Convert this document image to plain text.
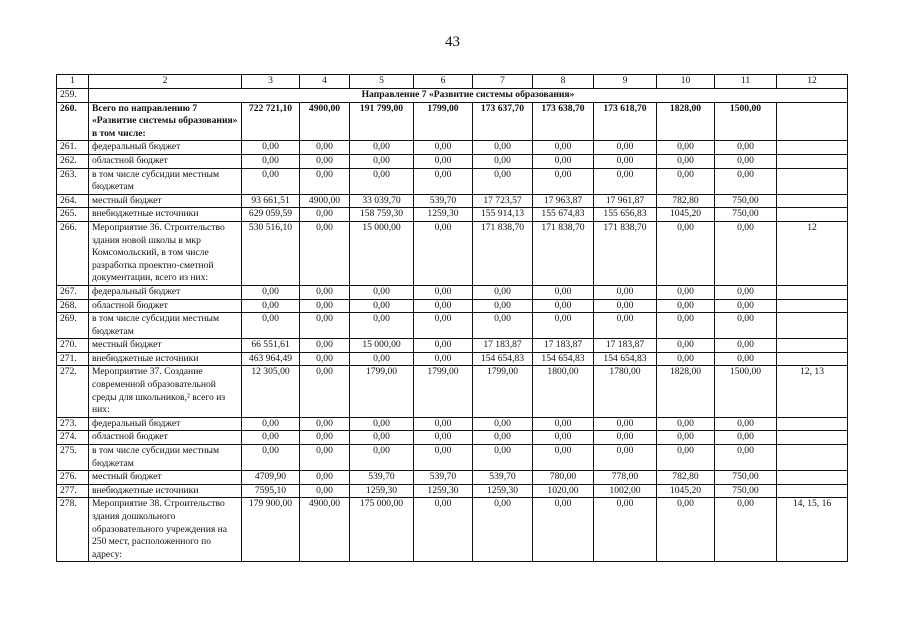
43
1	2	3	4	5	6	7	8	9	10	11	12
259.	Направление 7 «Развитие системы образования»										
260.	Всего по направлению 7 «Развитие системы образования» в том числе:	722 721,10	4900,00	191 799,00	1799,00	173 637,70	173 638,70	173 618,70	1828,00	1500,00	
261.	федеральный бюджет	0,00	0,00	0,00	0,00	0,00	0,00	0,00	0,00	0,00	
262.	областной бюджет	0,00	0,00	0,00	0,00	0,00	0,00	0,00	0,00	0,00	
263.	в том числе субсидии местным бюджетам	0,00	0,00	0,00	0,00	0,00	0,00	0,00	0,00	0,00	
264.	местный бюджет	93 661,51	4900,00	33 039,70	539,70	17 723,57	17 963,87	17 961,87	782,80	750,00	
265.	внебюджетные источники	629 059,59	0,00	158 759,30	1259,30	155 914,13	155 674,83	155 656,83	1045,20	750,00	
266.	Мероприятие 36. Строительство здания новой школы в мкр Комсомольский, в том числе разработка проектно-сметной документации, всего из них:	530 516,10	0,00	15 000,00	0,00	171 838,70	171 838,70	171 838,70	0,00	0,00	12
267.	федеральный бюджет	0,00	0,00	0,00	0,00	0,00	0,00	0,00	0,00	0,00	
268.	областной бюджет	0,00	0,00	0,00	0,00	0,00	0,00	0,00	0,00	0,00	
269.	в том числе субсидии местным бюджетам	0,00	0,00	0,00	0,00	0,00	0,00	0,00	0,00	0,00	
270.	местный бюджет	66 551,61	0,00	15 000,00	0,00	17 183,87	17 183,87	17 183,87	0,00	0,00	
271.	внебюджетные источники	463 964,49	0,00	0,00	0,00	154 654,83	154 654,83	154 654,83	0,00	0,00	
272.	Мероприятие 37. Создание современной образовательной среды для школьников,² всего из них:	12 305,00	0,00	1799,00	1799,00	1799,00	1800,00	1780,00	1828,00	1500,00	12, 13
273.	федеральный бюджет	0,00	0,00	0,00	0,00	0,00	0,00	0,00	0,00	0,00	
274.	областной бюджет	0,00	0,00	0,00	0,00	0,00	0,00	0,00	0,00	0,00	
275.	в том числе субсидии местным бюджетам	0,00	0,00	0,00	0,00	0,00	0,00	0,00	0,00	0,00	
276.	местный бюджет	4709,90	0,00	539,70	539,70	539,70	780,00	778,00	782,80	750,00	
277.	внебюджетные источники	7595,10	0,00	1259,30	1259,30	1259,30	1020,00	1002,00	1045,20	750,00	
278.	Мероприятие 38. Строительство здания дошкольного образовательного учреждения на 250 мест, расположенного по адресу:	179 900,00	4900,00	175 000,00	0,00	0,00	0,00	0,00	0,00	0,00	14, 15, 16
